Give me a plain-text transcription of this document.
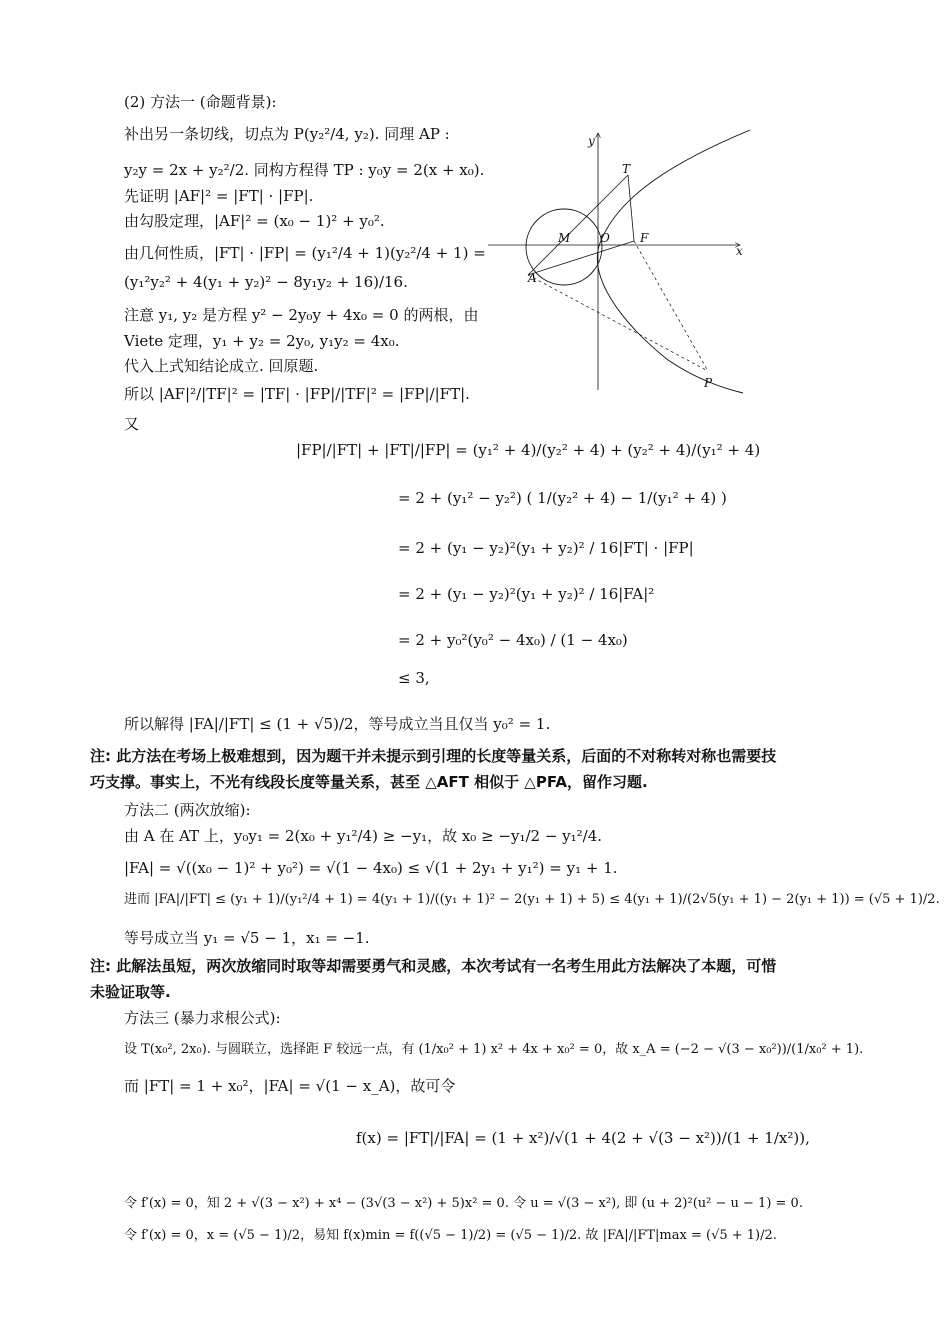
(2) 方法一 (命题背景):
补出另一条切线，切点为 P(y₂²/4, y₂). 同理 AP :
y₂y = 2x + y₂²/2. 同构方程得 TP : y₀y = 2(x + x₀).
先证明 |AF|² = |FT| · |FP|.
由勾股定理，|AF|² = (x₀ − 1)² + y₀².
由几何性质，|FT| · |FP| = (y₁²/4 + 1)(y₂²/4 + 1) =
(y₁²y₂² + 4(y₁ + y₂)² − 8y₁y₂ + 16)/16.
注意 y₁, y₂ 是方程 y² − 2y₀y + 4x₀ = 0 的两根，由
Viete 定理，y₁ + y₂ = 2y₀, y₁y₂ = 4x₀.
代入上式知结论成立. 回原题.
所以 |AF|²/|TF|² = |TF| · |FP|/|TF|² = |FP|/|FT|.
又
y
x
T
M O	F
A
P
|FP|/|FT| + |FT|/|FP| = (y₁² + 4)/(y₂² + 4) + (y₂² + 4)/(y₁² + 4)
= 2 + (y₁² − y₂²) ( 1/(y₂² + 4) − 1/(y₁² + 4) )
= 2 + (y₁ − y₂)²(y₁ + y₂)² / 16|FT| · |FP|
= 2 + (y₁ − y₂)²(y₁ + y₂)² / 16|FA|²
= 2 + y₀²(y₀² − 4x₀) / (1 − 4x₀)
≤ 3,
所以解得 |FA|/|FT| ≤ (1 + √5)/2，等号成立当且仅当 y₀² = 1.
注: 此方法在考场上极难想到，因为题干并未提示到引理的长度等量关系，后面的不对称转对称也需要技
巧支撑。事实上，不光有线段长度等量关系，甚至 △AFT 相似于 △PFA，留作习题.
方法二 (两次放缩):
由 A 在 AT 上，y₀y₁ = 2(x₀ + y₁²/4) ≥ −y₁，故 x₀ ≥ −y₁/2 − y₁²/4.
|FA| = √((x₀ − 1)² + y₀²) = √(1 − 4x₀) ≤ √(1 + 2y₁ + y₁²) = y₁ + 1.
进而 |FA|/|FT| ≤ (y₁ + 1)/(y₁²/4 + 1) = 4(y₁ + 1)/((y₁ + 1)² − 2(y₁ + 1) + 5) ≤ 4(y₁ + 1)/(2√5(y₁ + 1) − 2(y₁ + 1)) = (√5 + 1)/2.
等号成立当 y₁ = √5 − 1，x₁ = −1.
注: 此解法虽短，两次放缩同时取等却需要勇气和灵感，本次考试有一名考生用此方法解决了本题，可惜
未验证取等.
方法三 (暴力求根公式):
设 T(x₀², 2x₀). 与圆联立，选择距 F 较远一点，有 (1/x₀² + 1) x² + 4x + x₀² = 0，故 x_A = (−2 − √(3 − x₀²))/(1/x₀² + 1).
而 |FT| = 1 + x₀²，|FA| = √(1 − x_A)，故可令
f(x) = |FT|/|FA| = (1 + x²)/√(1 + 4(2 + √(3 − x²))/(1 + 1/x²)),
令 f′(x) = 0，知 2 + √(3 − x²) + x⁴ − (3√(3 − x²) + 5)x² = 0. 令 u = √(3 − x²), 即 (u + 2)²(u² − u − 1) = 0.
令 f′(x) = 0，x = (√5 − 1)/2，易知 f(x)min = f((√5 − 1)/2) = (√5 − 1)/2. 故 |FA|/|FT|max = (√5 + 1)/2.
